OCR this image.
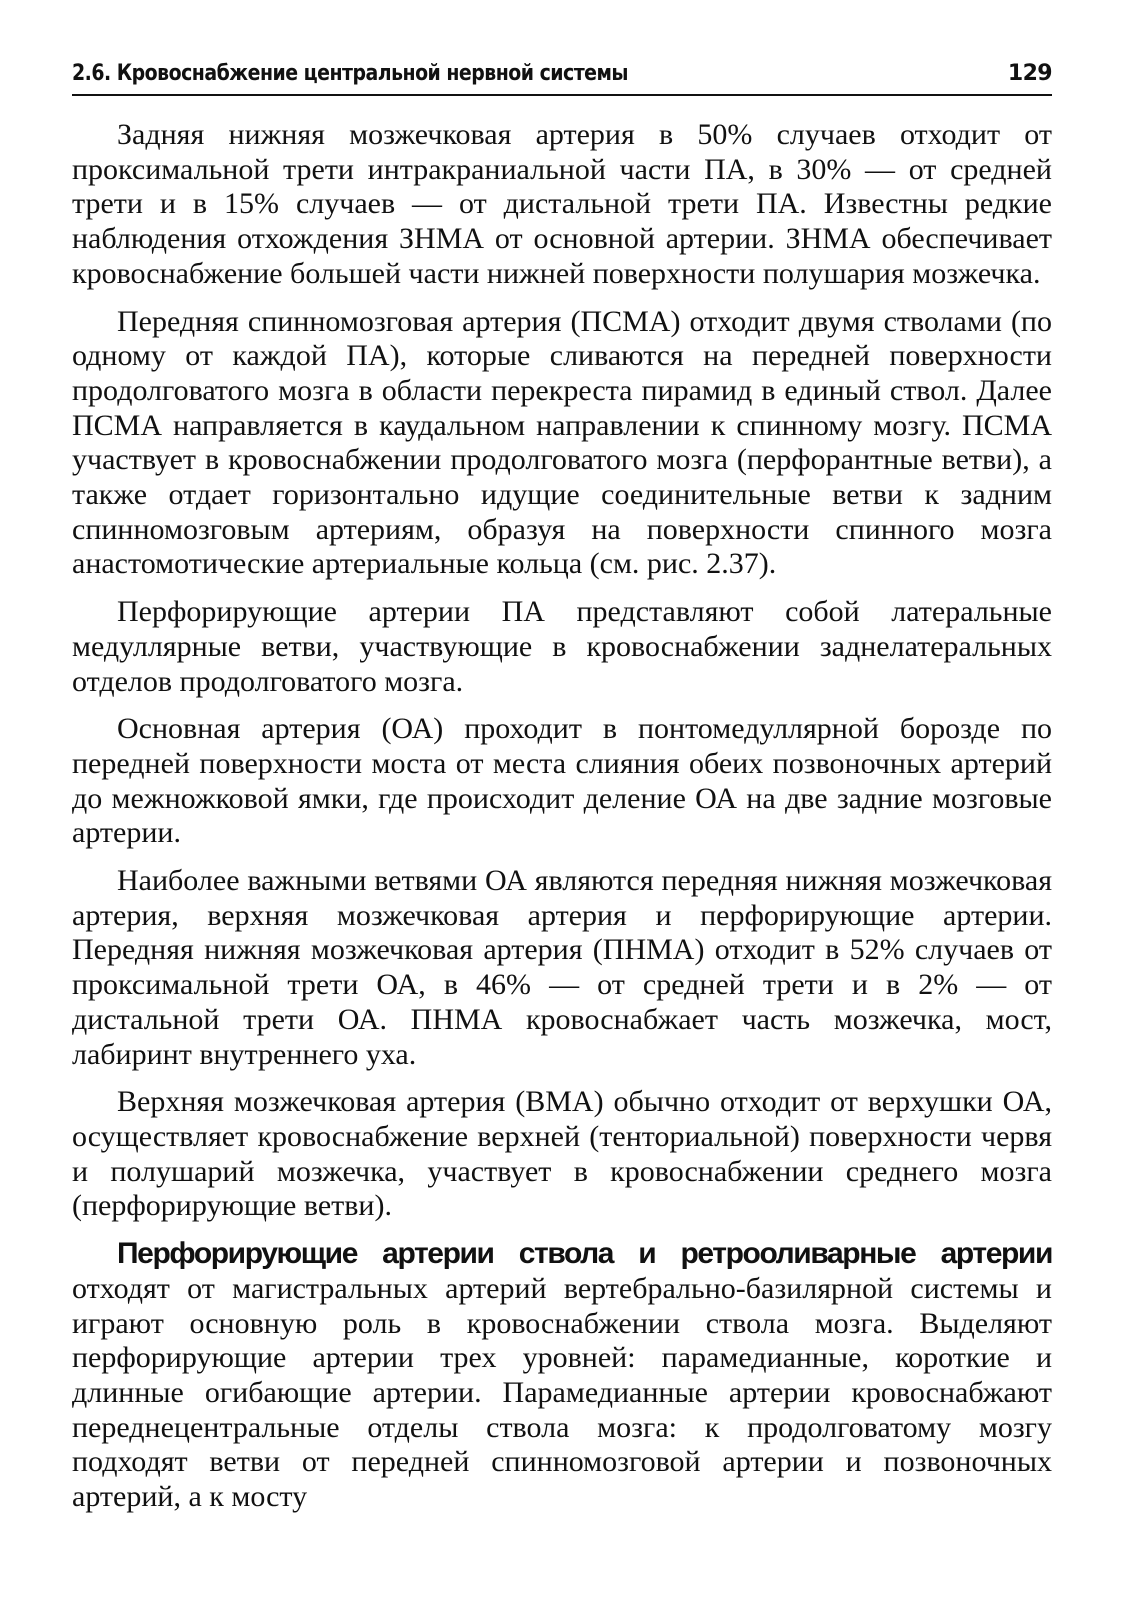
2.6. Кровоснабжение центральной нервной системы	129

Задняя нижняя мозжечковая артерия в 50% случаев отходит от проксимальной трети интракраниальной части ПА, в 30% — от средней трети и в 15% случаев — от дистальной трети ПА. Известны редкие наблюдения отхождения ЗНМА от основной артерии. ЗНМА обеспечивает кровоснабжение большей части нижней поверхности полушария мозжечка.

Передняя спинномозговая артерия (ПСМА) отходит двумя стволами (по одному от каждой ПА), которые сливаются на передней поверхности продолговатого мозга в области перекреста пирамид в единый ствол. Далее ПСМА направляется в каудальном направлении к спинному мозгу. ПСМА участвует в кровоснабжении продолговатого мозга (перфорантные ветви), а также отдает горизонтально идущие соединительные ветви к задним спинномозговым артериям, образуя на поверхности спинного мозга анастомотические артериальные кольца (см. рис. 2.37).

Перфорирующие артерии ПА представляют собой латеральные медуллярные ветви, участвующие в кровоснабжении заднелатеральных отделов продолговатого мозга.

Основная артерия (ОА) проходит в понтомедуллярной борозде по передней поверхности моста от места слияния обеих позвоночных артерий до межножковой ямки, где происходит деление ОА на две задние мозговые артерии.

Наиболее важными ветвями ОА являются передняя нижняя мозжечковая артерия, верхняя мозжечковая артерия и перфорирующие артерии. Передняя нижняя мозжечковая артерия (ПНМА) отходит в 52% случаев от проксимальной трети ОА, в 46% — от средней трети и в 2% — от дистальной трети ОА. ПНМА кровоснабжает часть мозжечка, мост, лабиринт внутреннего уха.

Верхняя мозжечковая артерия (ВМА) обычно отходит от верхушки ОА, осуществляет кровоснабжение верхней (тенториальной) поверхности червя и полушарий мозжечка, участвует в кровоснабжении среднего мозга (перфорирующие ветви).

Перфорирующие артерии ствола и ретрооливарные артерии отходят от магистральных артерий вертебрально-базилярной системы и играют основную роль в кровоснабжении ствола мозга. Выделяют перфорирующие артерии трех уровней: парамедианные, короткие и длинные огибающие артерии. Парамедианные артерии кровоснабжают переднецентральные отделы ствола мозга: к продолговатому мозгу подходят ветви от передней спинномозговой артерии и позвоночных артерий, а к мосту
